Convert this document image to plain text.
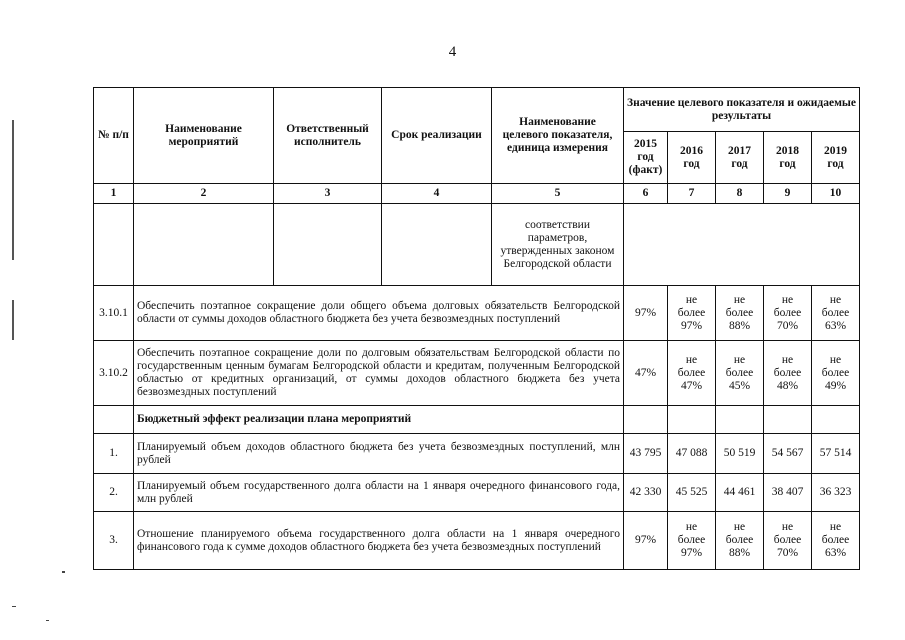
4
№ п/п	Наименование мероприятий	Ответственный исполнитель	Срок реализации	Наименование целевого показателя, единица измерения	Значение целевого показателя и ожидаемые результаты				
					2015 год (факт)	2016 год	2017 год	2018 год	2019 год
1	2	3	4	5	6	7	8	9	10
				соответствии параметров, утвержденных законом Белгородской области					
3.10.1	Обеспечить поэтапное сокращение доли общего объема долговых обязательств Белгородской области от суммы доходов областного бюджета без учета безвозмездных поступлений				97%	не более 97%	не более 88%	не более 70%	не более 63%
3.10.2	Обеспечить поэтапное сокращение доли по долговым обязательствам Белгородской области по государственным ценным бумагам Белгородской области и кредитам, полученным Белгородской областью от кредитных организаций, от суммы доходов областного бюджета без учета безвозмездных поступлений				47%	не более 47%	не более 45%	не более 48%	не более 49%
	Бюджетный эффект реализации плана мероприятий								
1.	Планируемый объем доходов областного бюджета без учета безвозмездных поступлений, млн рублей				43 795	47 088	50 519	54 567	57 514
2.	Планируемый объем государственного долга области на 1 января очередного финансового года, млн рублей				42 330	45 525	44 461	38 407	36 323
3.	Отношение планируемого объема государственного долга области на 1 января очередного финансового года к сумме доходов областного бюджета без учета безвозмездных поступлений				97%	не более 97%	не более 88%	не более 70%	не более 63%
